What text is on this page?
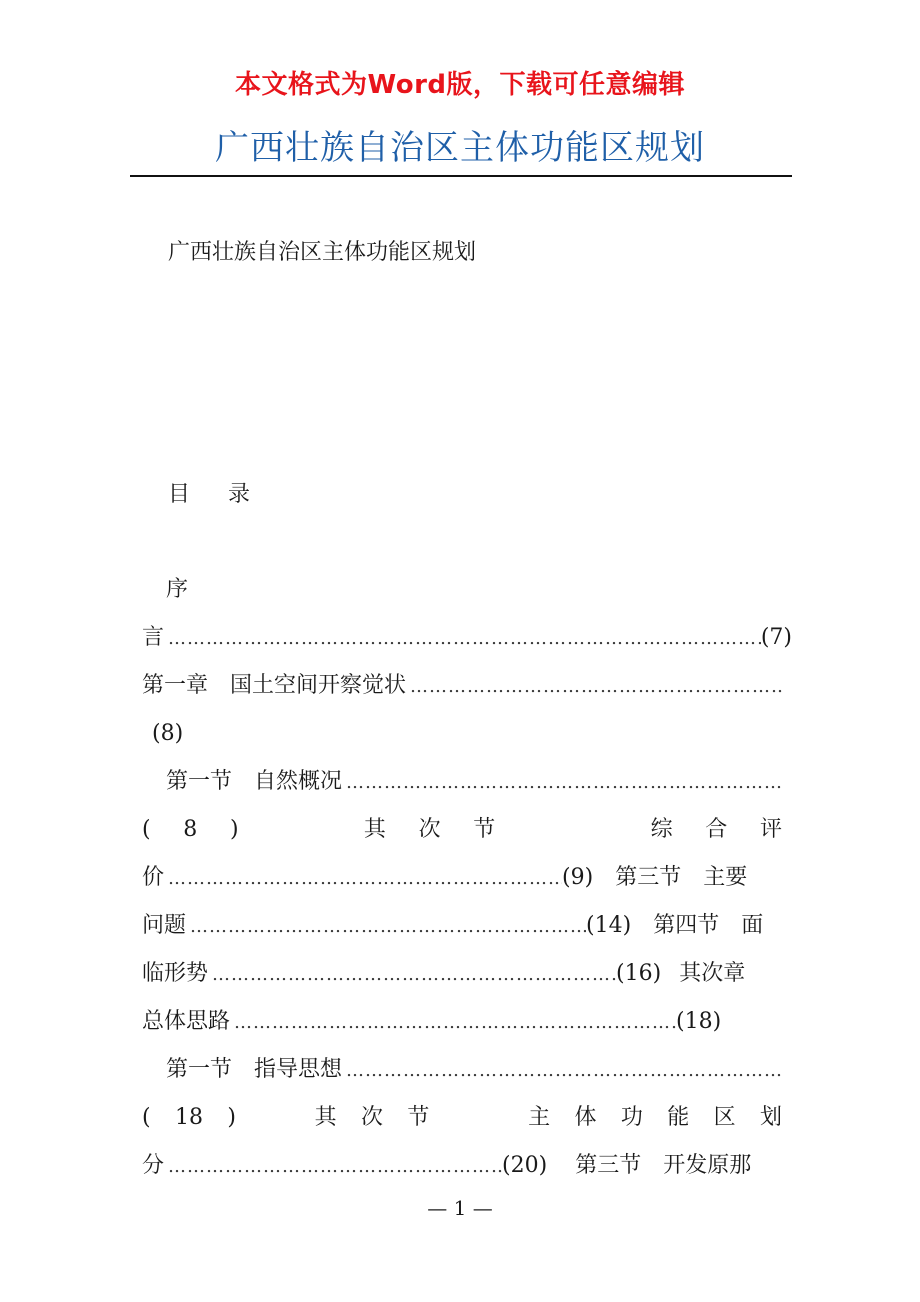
本文格式为Word版，下载可任意编辑
广西壮族自治区主体功能区规划
广西壮族自治区主体功能区规划
目　录
序
言 ……………………………………………………………………………………………………………………………………………………	(7)
第一章　国土空间开察觉状
……………………………………………………………………………………………………………………………………………………
(8)
第一节　自然概况
……………………………………………………………………………………………………………………………………………………
( 8 )	其 次 节	综 合 评
价 ……………………………………………………………………………………………………………………………………………………	(9) 第三节　主要
问题 ……………………………………………………………………………………………………………………………………………………	(14) 第四节　面
临形势 ……………………………………………………………………………………………………………………………………………………	(16) 其次章
总体思路 ……………………………………………………………………………………………………………………………………………………	(18)
第一节　指导思想
……………………………………………………………………………………………………………………………………………………
( 18 )	其 次 节	主 体 功 能 区 划
分 ……………………………………………………………………………………………………………………………………………………	(20) 第三节　开发原那
— 1 —
